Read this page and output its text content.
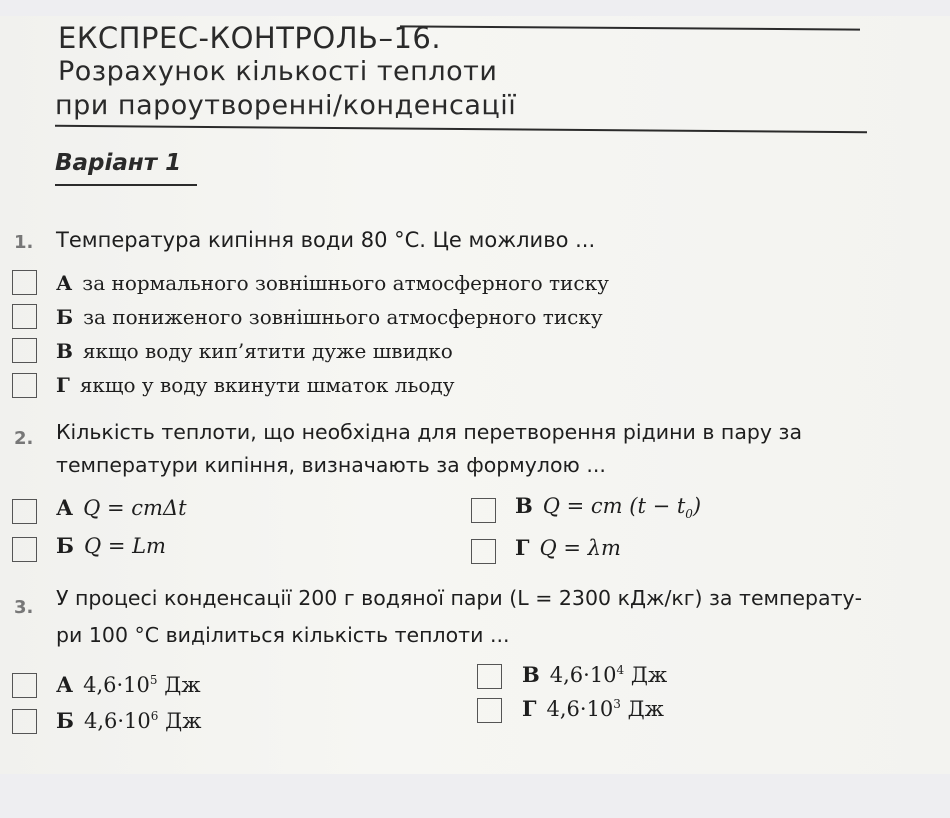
ЕКСПРЕС-КОНТРОЛЬ–16.
Розрахунок кількості теплоти
при пароутворенні/конденсації
Варіант 1
1. Температура кипіння води 80 °C. Це можливо ...
А за нормального зовнішнього атмосферного тиску
Б за пониженого зовнішнього атмосферного тиску
В якщо воду кип’ятити дуже швидко
Г якщо у воду вкинути шматок льоду
2. Кількість теплоти, що необхідна для перетворення рідини в пару за
температури кипіння, визначають за формулою ...
А Q = cmΔt
Б Q = Lm
В Q = cm $(t - t_0)$
Г Q = λm
3. У процесі конденсації 200 г водяної пари (L = 2300 кДж/кг) за температу-
ри 100 °C виділиться кількість теплоти ...
А $4,6\cdot 10^5$ Дж
Б $4,6\cdot 10^6$ Дж
В $4,6\cdot 10^4$ Дж
Г $4,6\cdot 10^3$ Дж
